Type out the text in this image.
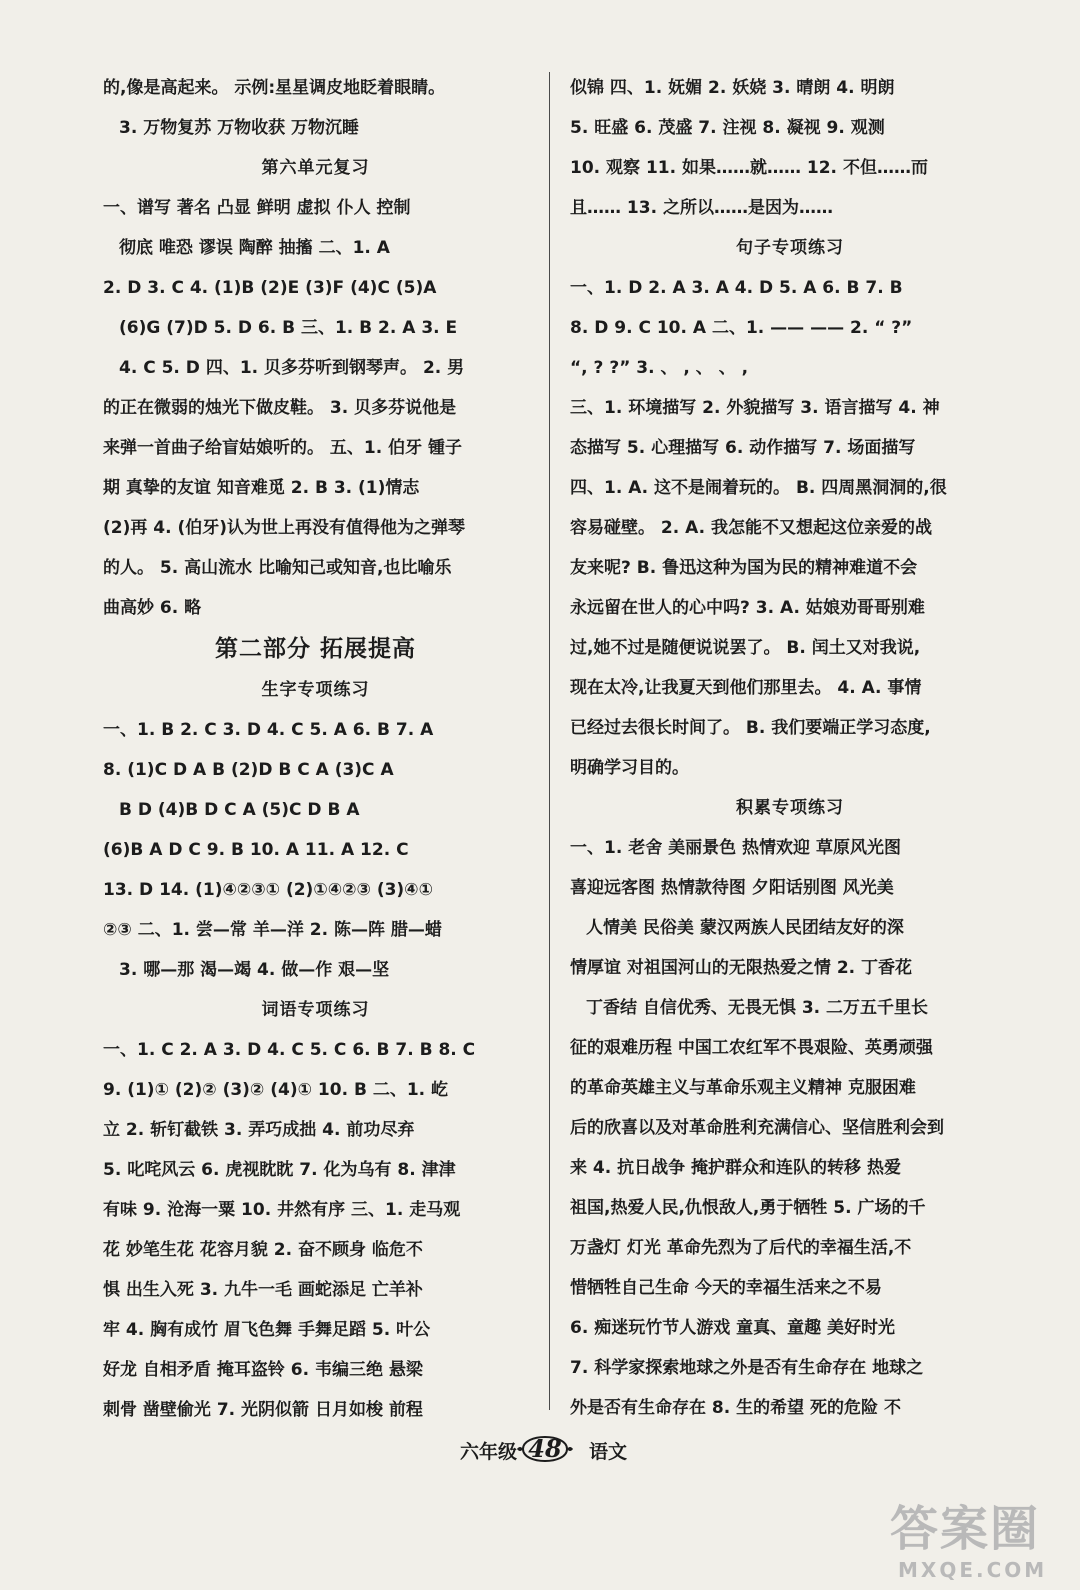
的,像是高起来。 示例:星星调皮地眨着眼睛。
3. 万物复苏 万物收获 万物沉睡
第六单元复习
一、谱写 著名 凸显 鲜明 虚拟 仆人 控制
彻底 唯恐 谬误 陶醉 抽搐 二、1. A
2. D 3. C 4. (1)B (2)E (3)F (4)C (5)A
(6)G (7)D 5. D 6. B 三、1. B 2. A 3. E
4. C 5. D 四、1. 贝多芬听到钢琴声。 2. 男
的正在微弱的烛光下做皮鞋。 3. 贝多芬说他是
来弹一首曲子给盲姑娘听的。 五、1. 伯牙 锺子
期 真挚的友谊 知音难觅 2. B 3. (1)情志
(2)再 4. (伯牙)认为世上再没有值得他为之弹琴
的人。 5. 高山流水 比喻知己或知音,也比喻乐
曲高妙 6. 略
第二部分 拓展提高
生字专项练习
一、1. B 2. C 3. D 4. C 5. A 6. B 7. A
8. (1)C D A B (2)D B C A (3)C A
B D (4)B D C A (5)C D B A
(6)B A D C 9. B 10. A 11. A 12. C
13. D 14. (1)④②③① (2)①④②③ (3)④①
②③ 二、1. 尝—常 羊—洋 2. 陈—阵 腊—蜡
3. 哪—那 渴—竭 4. 做—作 艰—坚
词语专项练习
一、1. C 2. A 3. D 4. C 5. C 6. B 7. B 8. C
9. (1)① (2)② (3)② (4)① 10. B 二、1. 屹
立 2. 斩钉截铁 3. 弄巧成拙 4. 前功尽弃
5. 叱咤风云 6. 虎视眈眈 7. 化为乌有 8. 津津
有味 9. 沧海一粟 10. 井然有序 三、1. 走马观
花 妙笔生花 花容月貌 2. 奋不顾身 临危不
惧 出生入死 3. 九牛一毛 画蛇添足 亡羊补
牢 4. 胸有成竹 眉飞色舞 手舞足蹈 5. 叶公
好龙 自相矛盾 掩耳盗铃 6. 韦编三绝 悬梁
刺骨 凿壁偷光 7. 光阴似箭 日月如梭 前程
似锦 四、1. 妩媚 2. 妖娆 3. 晴朗 4. 明朗
5. 旺盛 6. 茂盛 7. 注视 8. 凝视 9. 观测
10. 观察 11. 如果……就…… 12. 不但……而
且…… 13. 之所以……是因为……
句子专项练习
一、1. D 2. A 3. A 4. D 5. A 6. B 7. B
8. D 9. C 10. A 二、1. —— —— 2. “ ?”
“, ? ?” 3. 、 , 、 、 ,
三、1. 环境描写 2. 外貌描写 3. 语言描写 4. 神
态描写 5. 心理描写 6. 动作描写 7. 场面描写
四、1. A. 这不是闹着玩的。 B. 四周黑洞洞的,很
容易碰壁。 2. A. 我怎能不又想起这位亲爱的战
友来呢? B. 鲁迅这种为国为民的精神难道不会
永远留在世人的心中吗? 3. A. 姑娘劝哥哥别难
过,她不过是随便说说罢了。 B. 闰土又对我说,
现在太冷,让我夏天到他们那里去。 4. A. 事情
已经过去很长时间了。 B. 我们要端正学习态度,
明确学习目的。
积累专项练习
一、1. 老舍 美丽景色 热情欢迎 草原风光图
喜迎远客图 热情款待图 夕阳话别图 风光美
人情美 民俗美 蒙汉两族人民团结友好的深
情厚谊 对祖国河山的无限热爱之情 2. 丁香花
丁香结 自信优秀、无畏无惧 3. 二万五千里长
征的艰难历程 中国工农红军不畏艰险、英勇顽强
的革命英雄主义与革命乐观主义精神 克服困难
后的欣喜以及对革命胜利充满信心、坚信胜利会到
来 4. 抗日战争 掩护群众和连队的转移 热爱
祖国,热爱人民,仇恨敌人,勇于牺牲 5. 广场的千
万盏灯 灯光 革命先烈为了后代的幸福生活,不
惜牺牲自己生命 今天的幸福生活来之不易
6. 痴迷玩竹节人游戏 童真、童趣 美好时光
7. 科学家探索地球之外是否有生命存在 地球之
外是否有生命存在 8. 生的希望 死的危险 不
六年级 48	语文
答案圈
MXQE.COM
